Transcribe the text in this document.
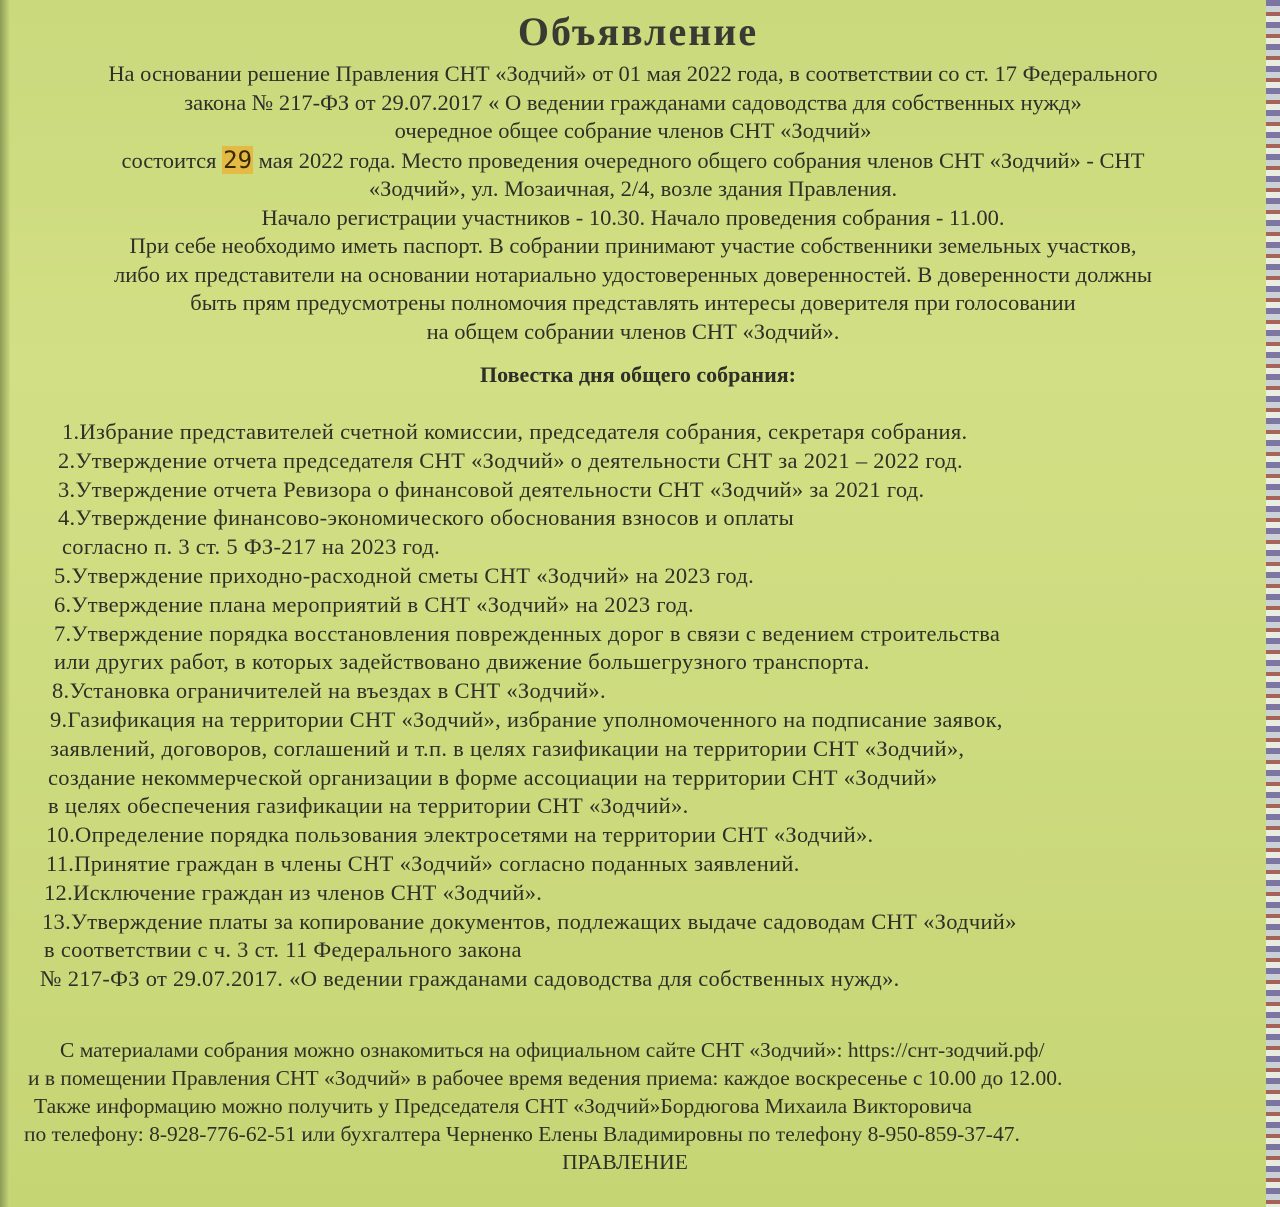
Объявление

На основании решение Правления СНТ «Зодчий» от 01 мая 2022 года, в соответствии со ст. 17 Федерального

закона № 217-ФЗ от 29.07.2017 « О ведении гражданами садоводства для собственных нужд»

очередное общее собрание членов СНТ «Зодчий»

состоится 29 мая 2022 года. Место проведения очередного общего собрания членов СНТ «Зодчий» - СНТ

«Зодчий», ул. Мозаичная, 2/4, возле здания Правления.

Начало регистрации участников - 10.30. Начало проведения собрания - 11.00.

При себе необходимо иметь паспорт. В собрании принимают участие собственники земельных участков,

либо их представители на основании нотариально удостоверенных доверенностей. В доверенности должны

быть прям предусмотрены полномочия представлять интересы доверителя при голосовании

на общем собрании членов СНТ «Зодчий».

Повестка дня общего собрания:
1.Избрание представителей счетной комиссии, председателя собрания, секретаря собрания.
2.Утверждение отчета председателя СНТ «Зодчий» о деятельности СНТ за 2021 – 2022 год.
3.Утверждение отчета Ревизора о финансовой деятельности СНТ «Зодчий» за 2021 год.
4.Утверждение финансово-экономического обоснования взносов и оплаты
согласно п. 3 ст. 5 ФЗ-217 на 2023 год.
5.Утверждение приходно-расходной сметы СНТ «Зодчий» на 2023 год.
6.Утверждение плана мероприятий в СНТ «Зодчий» на 2023 год.
7.Утверждение порядка восстановления поврежденных дорог в связи с ведением строительства
или других работ, в которых задействовано движение большегрузного транспорта.
8.Установка ограничителей на въездах в СНТ «Зодчий».
9.Газификация на территории СНТ «Зодчий», избрание уполномоченного на подписание заявок,
заявлений, договоров, соглашений и т.п. в целях газификации на территории СНТ «Зодчий»,
создание некоммерческой организации в форме ассоциации на территории СНТ «Зодчий»
в целях обеспечения газификации на территории СНТ «Зодчий».
10.Определение порядка пользования электросетями на территории СНТ «Зодчий».
11.Принятие граждан в члены СНТ «Зодчий» согласно поданных заявлений.
12.Исключение граждан из членов СНТ «Зодчий».
13.Утверждение платы за копирование документов, подлежащих выдаче садоводам СНТ «Зодчий»
в соответствии с ч. 3 ст. 11 Федерального закона
№ 217-ФЗ от 29.07.2017. «О ведении гражданами садоводства для собственных нужд».
С материалами собрания можно ознакомиться на официальном сайте СНТ «Зодчий»: https://снт-зодчий.рф/
и в помещении Правления СНТ «Зодчий» в рабочее время ведения приема: каждое воскресенье с 10.00 до 12.00.
Также информацию можно получить у Председателя СНТ «Зодчий»Бордюгова Михаила Викторовича
по телефону: 8-928-776-62-51 или бухгалтера Черненко Елены Владимировны по телефону 8-950-859-37-47.
ПРАВЛЕНИЕ
